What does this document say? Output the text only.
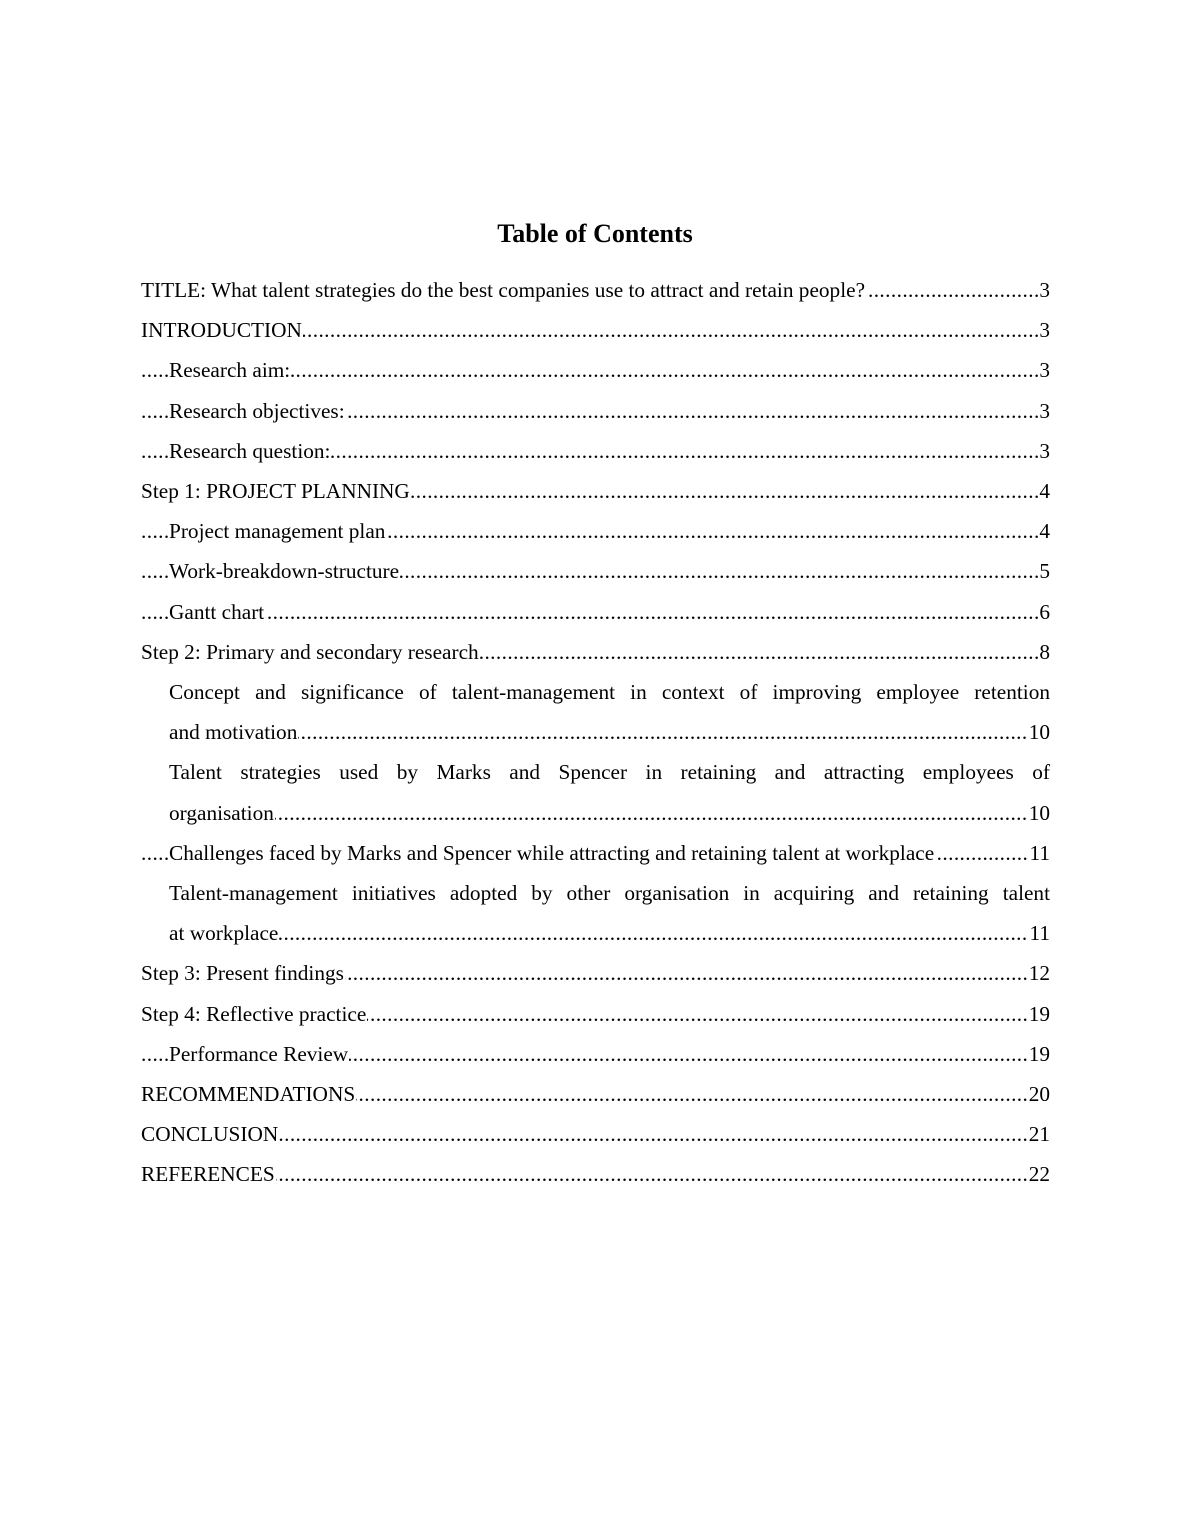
Table of Contents
TITLE: What talent strategies do the best companies use to attract and retain people?	3
INTRODUCTION	3
Research aim:	3
Research objectives:	3
Research question:	3
Step 1: PROJECT PLANNING	4
Project management plan	4
Work-breakdown-structure	5
Gantt chart	6
Step 2: Primary and secondary research	8
Concept and significance of talent-management in context of improving employee retention
and motivation	10
Talent strategies used by Marks and Spencer in retaining and attracting employees of
organisation	10
Challenges faced by Marks and Spencer while attracting and retaining talent at workplace	11
Talent-management initiatives adopted by other organisation in acquiring and retaining talent
at workplace	11
Step 3: Present findings	12
Step 4: Reflective practice	19
Performance Review	19
RECOMMENDATIONS	20
CONCLUSION	21
REFERENCES	22
